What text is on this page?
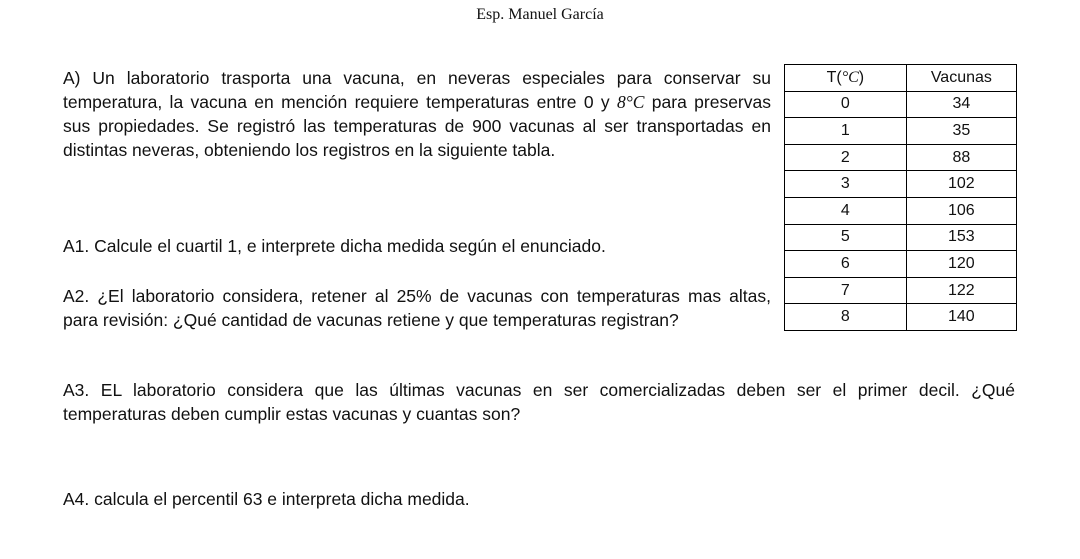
Esp. Manuel García

A) Un laboratorio trasporta una vacuna, en neveras especiales para conservar su temperatura, la vacuna en mención requiere temperaturas entre 0 y 8°C para preservas sus propiedades. Se registró las temperaturas de 900 vacunas al ser transportadas en distintas neveras, obteniendo los registros en la siguiente tabla.

T(°C)	Vacunas
0	34
1	35
2	88
3	102
4	106
5	153
6	120
7	122
8	140

A1. Calcule el cuartil 1, e interprete dicha medida según el enunciado.

A2. ¿El laboratorio considera, retener al 25% de vacunas con temperaturas mas altas, para revisión: ¿Qué cantidad de vacunas retiene y que temperaturas registran?

A3. EL laboratorio considera que las últimas vacunas en ser comercializadas deben ser el primer decil. ¿Qué temperaturas deben cumplir estas vacunas y cuantas son?

A4. calcula el percentil 63 e interpreta dicha medida.
